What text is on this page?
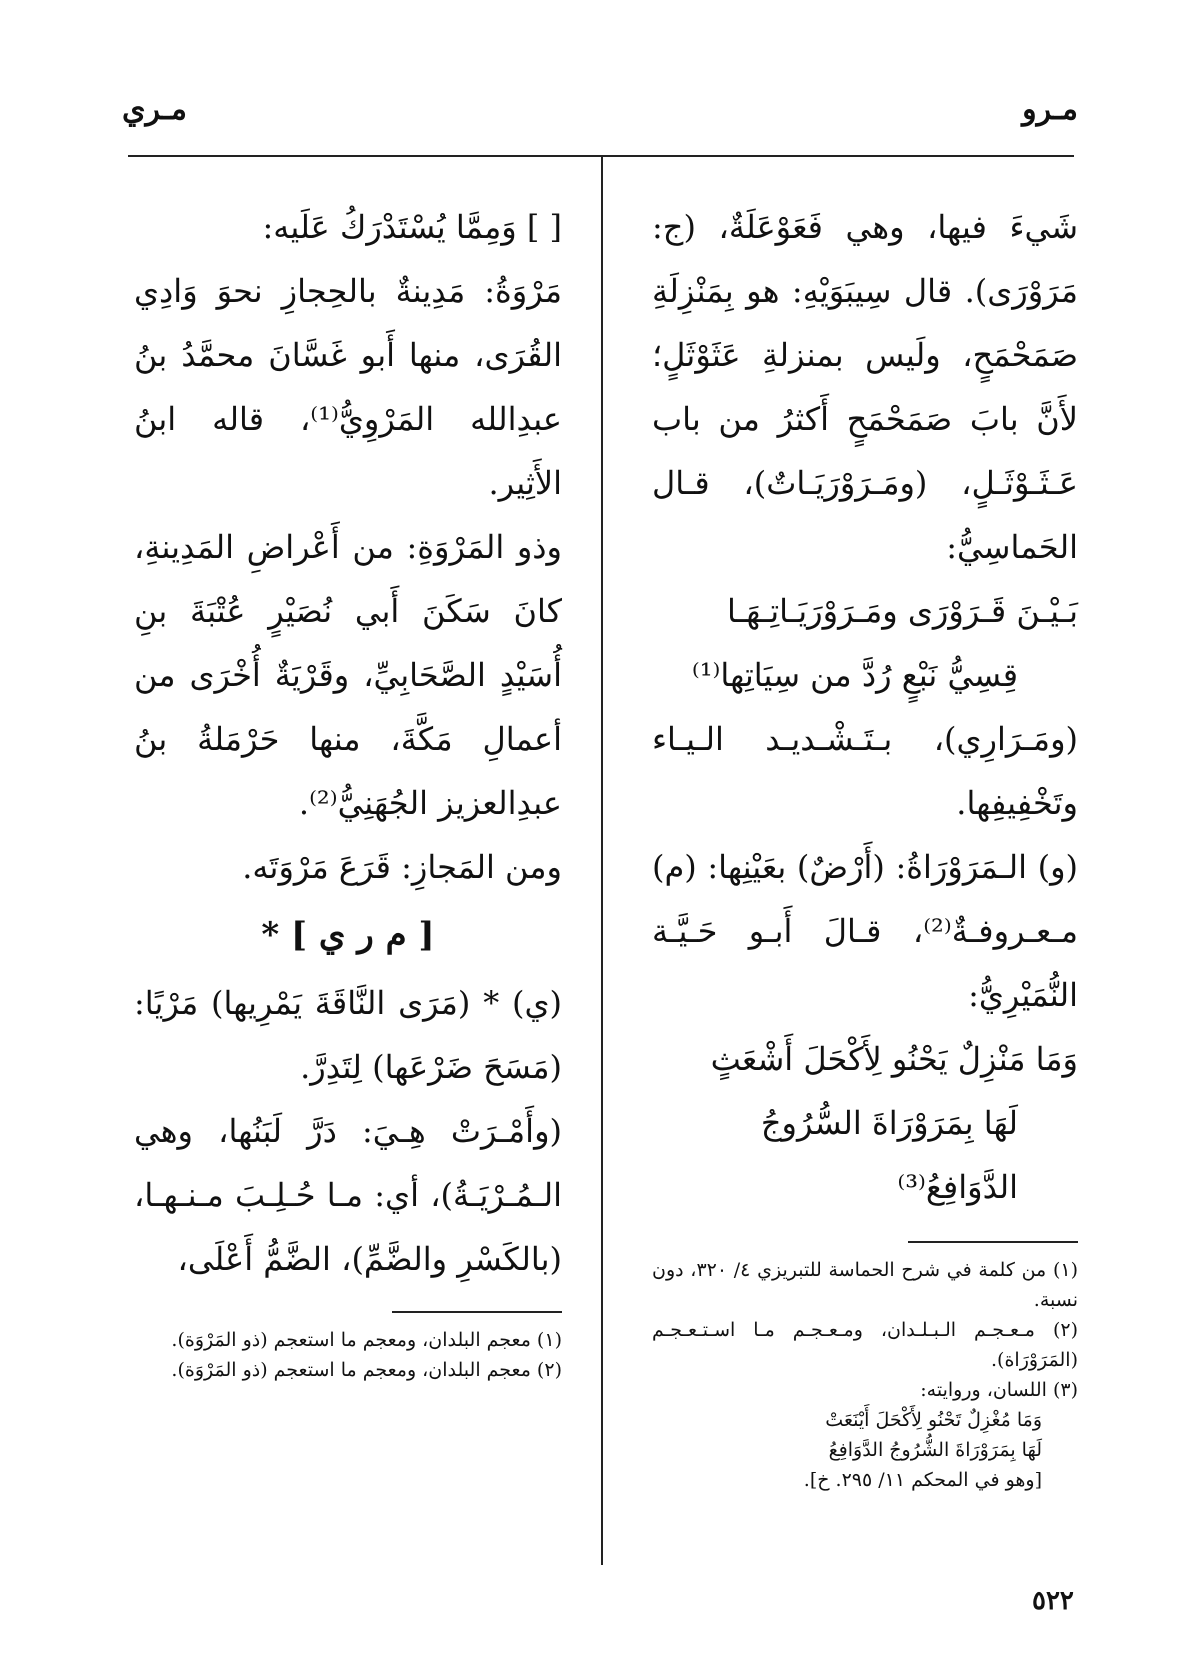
مـرو
مـري

شَيءَ فيها، وهي فَعَوْعَلَةٌ، (ج: مَرَوْرَى). قال سِيبَوَيْهِ: هو بِمَنْزِلَةِ صَمَحْمَحٍ، ولَيس بمنزلةِ عَثَوْثَلٍ؛ لأَنَّ بابَ صَمَحْمَحٍ أَكثرُ من باب عَـثَـوْثَـلٍ، (ومَـرَوْرَيَـاتٌ)، قـال الحَماسِيُّ:

بَـيْـنَ قَـرَوْرَى ومَـرَوْرَيَـاتِـهَـا

قِسِيُّ نَبْعٍ رُدَّ من سِيَاتِها⁽¹⁾

(ومَـرَارِي)، بـتَـشْـديـد الـيـاء وتَخْفِيفِها.

(و) الـمَرَوْرَاةُ: (أَرْضٌ) بعَيْنِها: (م) مـعـروفـةٌ⁽²⁾، قـالَ أَبـو حَـيَّـة النُّمَيْرِيُّ:

وَمَا مَنْزِلٌ يَحْنُو لِأَكْحَلَ أَشْعَثٍ

لَهَا بِمَرَوْرَاةَ السُّرُوجُ الدَّوَافِعُ⁽³⁾

(١) من كلمة في شرح الحماسة للتبريزي ٤/ ٣٢٠، دون نسبة.

(٢) مـعـجـم الـبـلـدان، ومـعـجـم مـا اسـتـعـجـم (المَرَوْرَاة).

(٣) اللسان، وروايته:

وَمَا مُغْزِلٌ تَحْنُو لِأَكْحَلَ أَيْنَعَتْ

لَهَا بِمَرَوْرَاةَ الشُّرُوجُ الدَّوَافِعُ

[وهو في المحكم ١١/ ٢٩٥. خ].

[ ] وَمِمَّا يُسْتَدْرَكُ عَلَيه:

مَرْوَةُ: مَدِينةٌ بالحِجازِ نحوَ وَادِي القُرَى، منها أَبو غَسَّانَ محمَّدُ بنُ عبدِالله المَرْوِيُّ⁽¹⁾، قاله ابنُ الأَثِير.

وذو المَرْوَةِ: من أَعْراضِ المَدِينةِ، كانَ سَكَنَ أَبي نُصَيْرٍ عُتْبَةَ بنِ أُسَيْدٍ الصَّحَابِيِّ، وقَرْيَةٌ أُخْرَى من أعمالِ مَكَّةَ، منها حَرْمَلةُ بنُ عبدِالعزيز الجُهَنِيُّ⁽²⁾.

ومن المَجازِ: قَرَعَ مَرْوَتَه.

[ م ر ي ] *

(ي) * (مَرَى النَّاقَةَ يَمْرِيها) مَرْيًا: (مَسَحَ ضَرْعَها) لِتَدِرَّ.

(وأَمْـرَتْ هِـيَ: دَرَّ لَبَنُها، وهي الـمُـرْيَـةُ)، أي: مـا حُـلِـبَ مـنـهـا، (بالكَسْرِ والضَّمِّ)، الضَّمُّ أَعْلَى،

(١) معجم البلدان، ومعجم ما استعجم (ذو المَرْوَة).

(٢) معجم البلدان، ومعجم ما استعجم (ذو المَرْوَة).

٥٢٢
